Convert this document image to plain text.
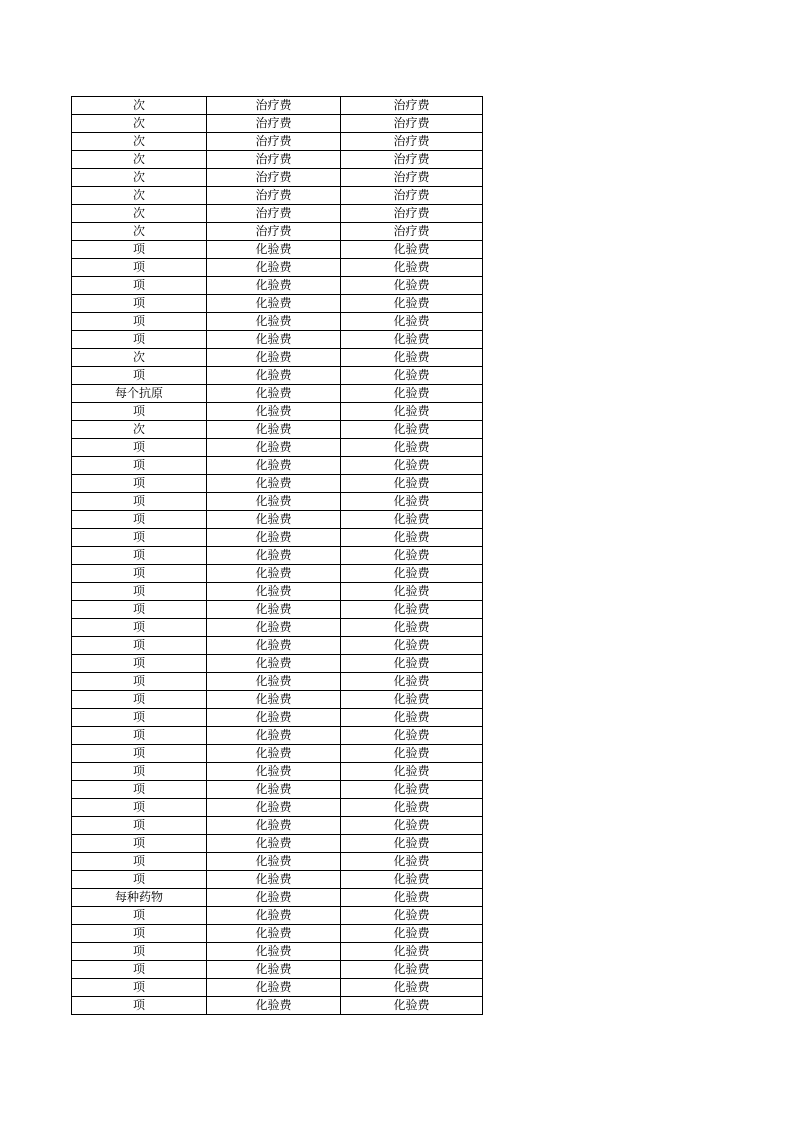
次	治疗费	治疗费
次	治疗费	治疗费
次	治疗费	治疗费
次	治疗费	治疗费
次	治疗费	治疗费
次	治疗费	治疗费
次	治疗费	治疗费
次	治疗费	治疗费
项	化验费	化验费
项	化验费	化验费
项	化验费	化验费
项	化验费	化验费
项	化验费	化验费
项	化验费	化验费
次	化验费	化验费
项	化验费	化验费
每个抗原	化验费	化验费
项	化验费	化验费
次	化验费	化验费
项	化验费	化验费
项	化验费	化验费
项	化验费	化验费
项	化验费	化验费
项	化验费	化验费
项	化验费	化验费
项	化验费	化验费
项	化验费	化验费
项	化验费	化验费
项	化验费	化验费
项	化验费	化验费
项	化验费	化验费
项	化验费	化验费
项	化验费	化验费
项	化验费	化验费
项	化验费	化验费
项	化验费	化验费
项	化验费	化验费
项	化验费	化验费
项	化验费	化验费
项	化验费	化验费
项	化验费	化验费
项	化验费	化验费
项	化验费	化验费
项	化验费	化验费
每种药物	化验费	化验费
项	化验费	化验费
项	化验费	化验费
项	化验费	化验费
项	化验费	化验费
项	化验费	化验费
项	化验费	化验费
